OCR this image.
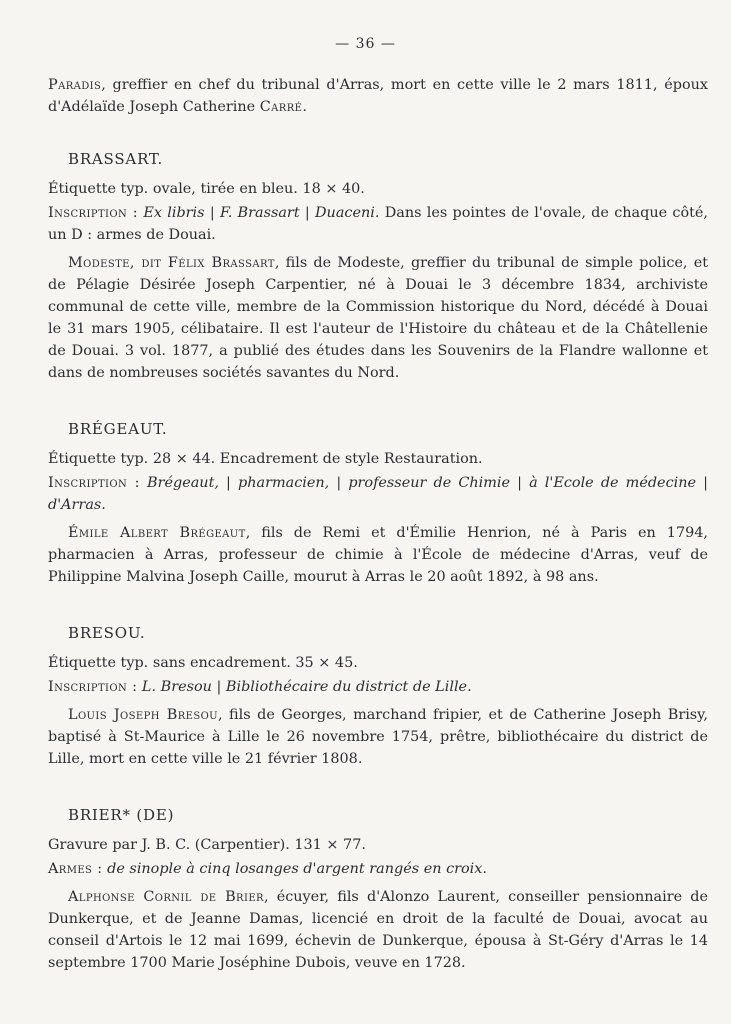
— 36 —

Paradis, greffier en chef du tribunal d'Arras, mort en cette ville le 2 mars 1811, époux d'Adélaïde Joseph Catherine Carré.

BRASSART.

Étiquette typ. ovale, tirée en bleu. 18 × 40.

Inscription : Ex libris | F. Brassart | Duaceni. Dans les pointes de l'ovale, de chaque côté, un D : armes de Douai.

Modeste, dit Félix Brassart, fils de Modeste, greffier du tribunal de simple police, et de Pélagie Désirée Joseph Carpentier, né à Douai le 3 décembre 1834, archiviste communal de cette ville, membre de la Commission historique du Nord, décédé à Douai le 31 mars 1905, célibataire. Il est l'auteur de l'Histoire du château et de la Châtellenie de Douai. 3 vol. 1877, a publié des études dans les Souvenirs de la Flandre wallonne et dans de nombreuses sociétés savantes du Nord.

BRÉGEAUT.

Étiquette typ. 28 × 44. Encadrement de style Restauration.

Inscription : Brégeaut, | pharmacien, | professeur de Chimie | à l'Ecole de médecine | d'Arras.

Émile Albert Brégeaut, fils de Remi et d'Émilie Henrion, né à Paris en 1794, pharmacien à Arras, professeur de chimie à l'École de médecine d'Arras, veuf de Philippine Malvina Joseph Caille, mourut à Arras le 20 août 1892, à 98 ans.

BRESOU.

Étiquette typ. sans encadrement. 35 × 45.

Inscription : L. Bresou | Bibliothécaire du district de Lille.

Louis Joseph Bresou, fils de Georges, marchand fripier, et de Catherine Joseph Brisy, baptisé à St-Maurice à Lille le 26 novembre 1754, prêtre, bibliothécaire du district de Lille, mort en cette ville le 21 février 1808.

BRIER* (DE)

Gravure par J. B. C. (Carpentier). 131 × 77.

Armes : de sinople à cinq losanges d'argent rangés en croix.

Alphonse Cornil de Brier, écuyer, fils d'Alonzo Laurent, conseiller pensionnaire de Dunkerque, et de Jeanne Damas, licencié en droit de la faculté de Douai, avocat au conseil d'Artois le 12 mai 1699, échevin de Dunkerque, épousa à St-Géry d'Arras le 14 septembre 1700 Marie Joséphine Dubois, veuve en 1728.
